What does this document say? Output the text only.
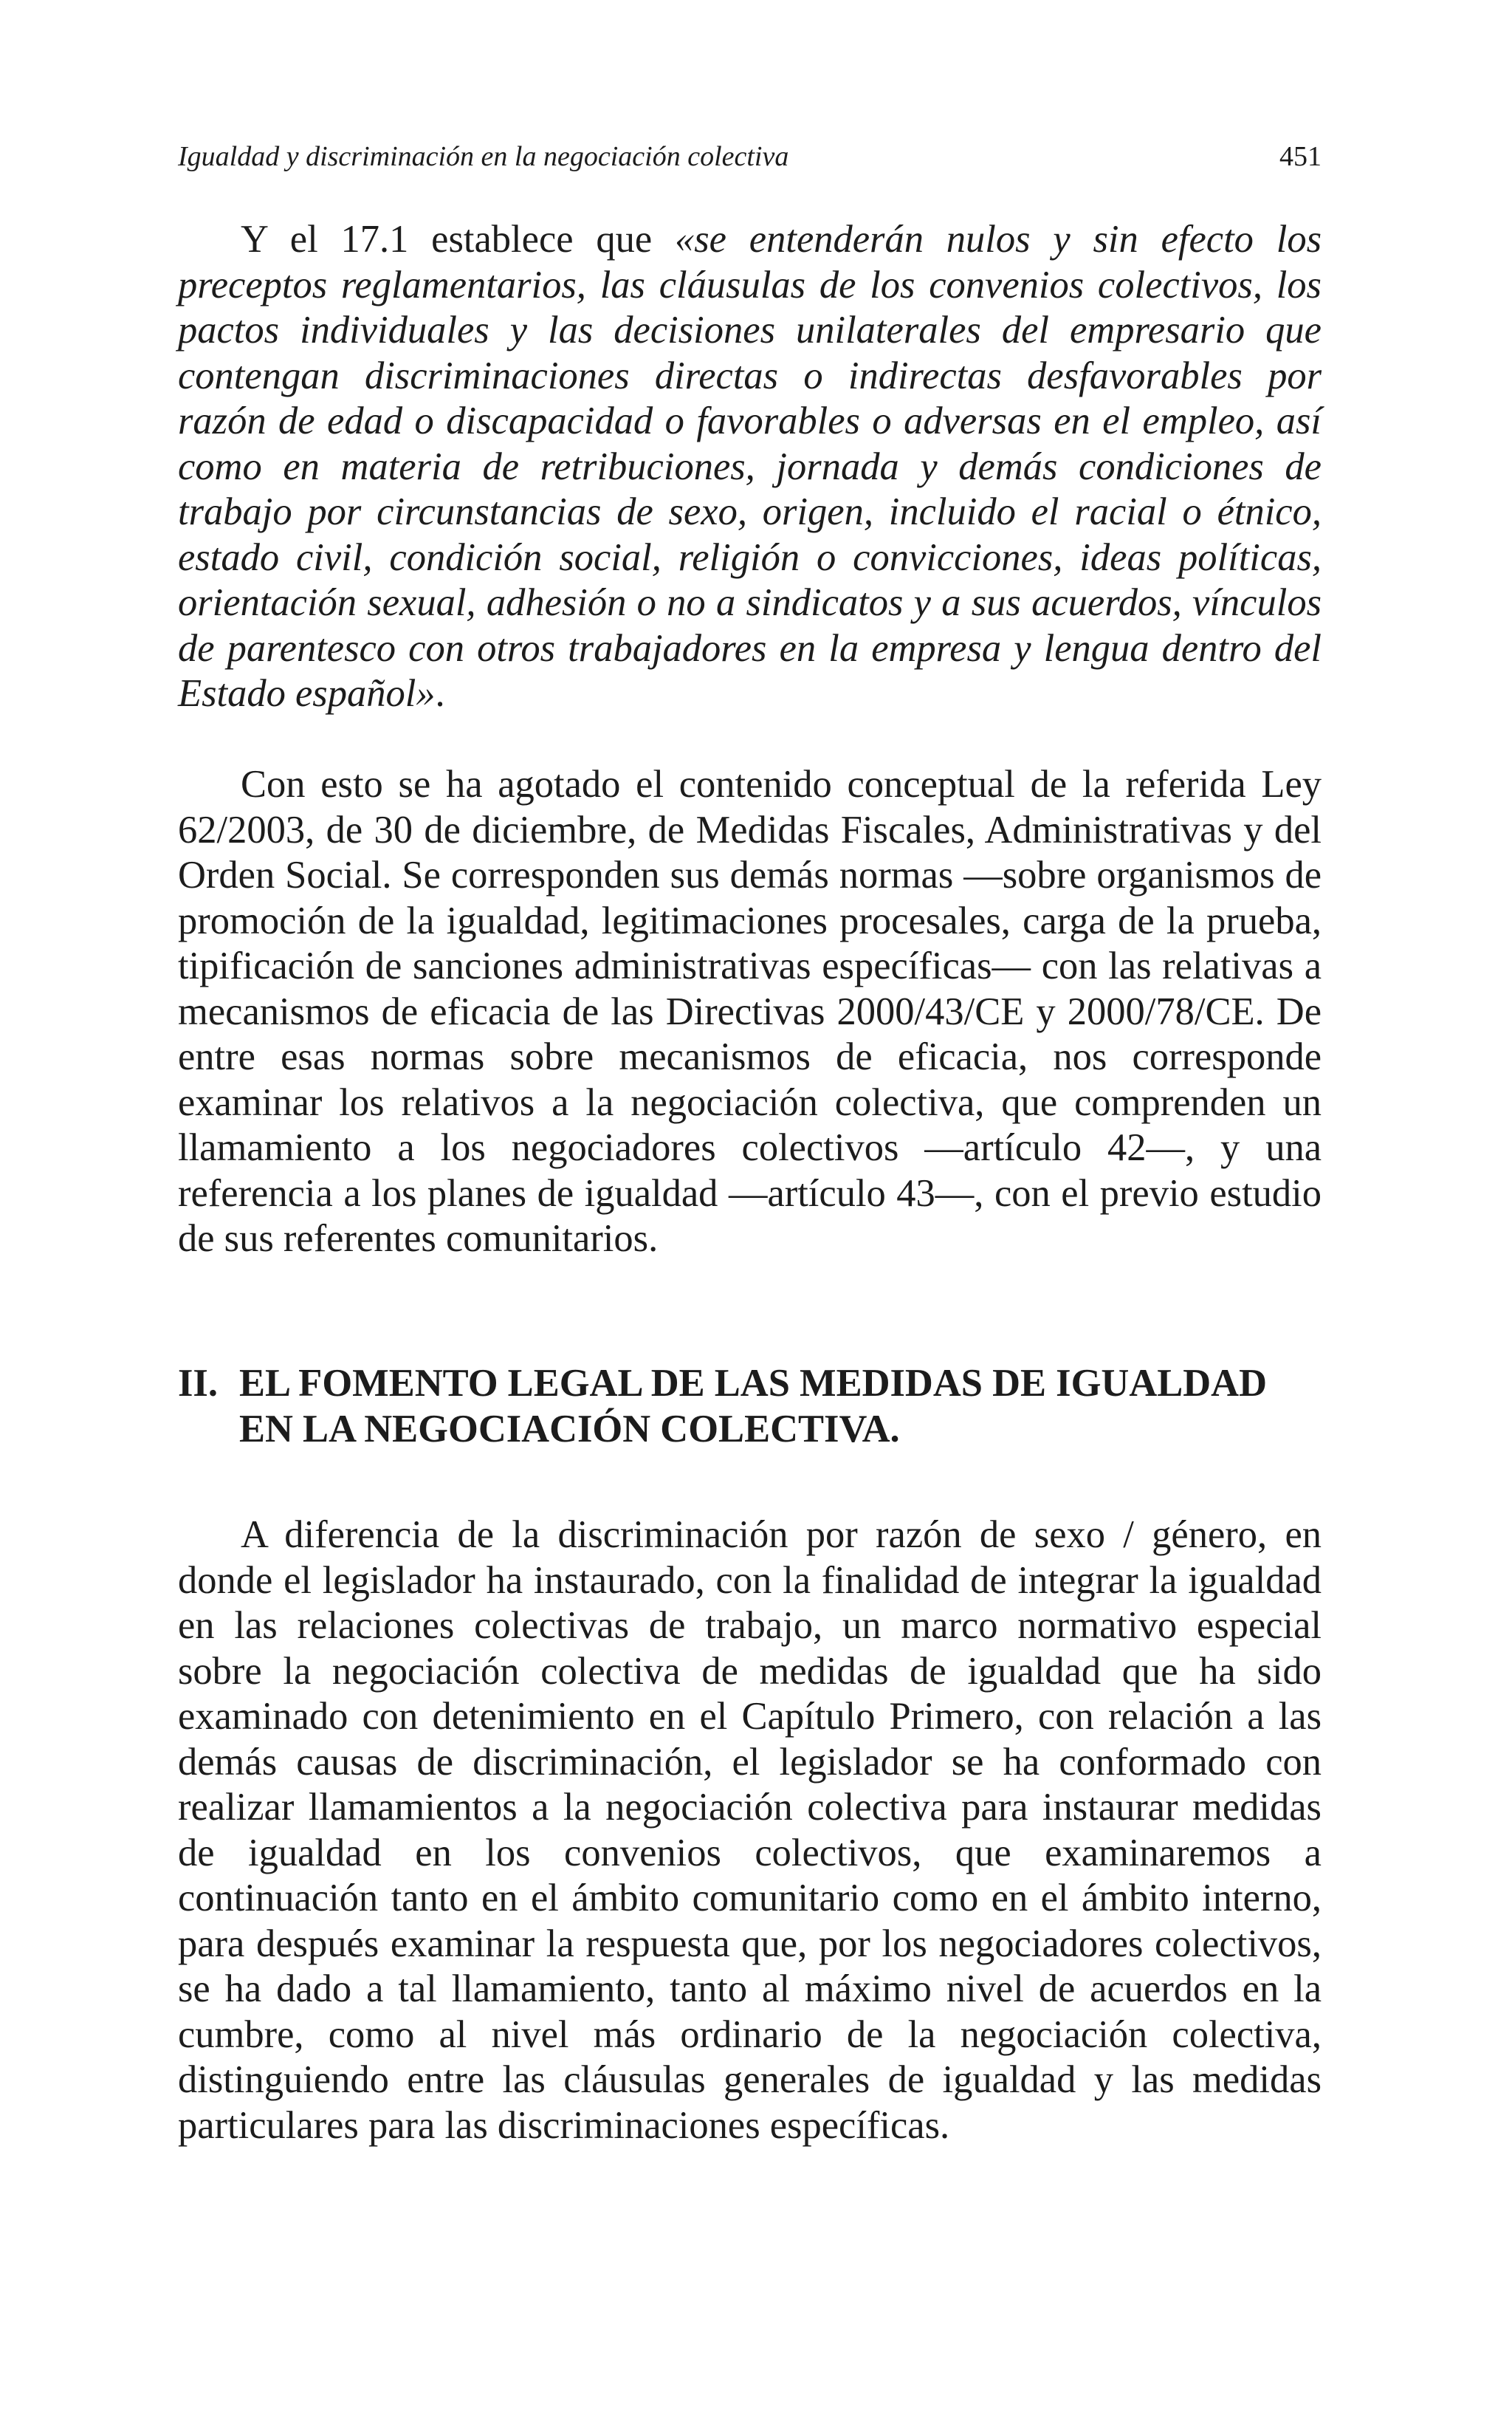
Igualdad y discriminación en la negociación colectiva	451

Y el 17.1 establece que «se entenderán nulos y sin efecto los preceptos reglamentarios, las cláusulas de los convenios colectivos, los pactos individuales y las decisiones unilaterales del empresario que contengan discriminaciones directas o indirectas desfavorables por razón de edad o discapacidad o favorables o adversas en el empleo, así como en materia de retribuciones, jornada y demás condiciones de trabajo por circunstancias de sexo, origen, incluido el racial o étnico, estado civil, condición social, religión o convicciones, ideas políticas, orientación sexual, adhesión o no a sindicatos y a sus acuerdos, vínculos de parentesco con otros trabajadores en la empresa y lengua dentro del Estado español».

Con esto se ha agotado el contenido conceptual de la referida Ley 62/2003, de 30 de diciembre, de Medidas Fiscales, Administrativas y del Orden Social. Se corresponden sus demás normas —sobre organismos de promoción de la igualdad, legitimaciones procesales, carga de la prueba, tipificación de sanciones administrativas específicas— con las relativas a mecanismos de eficacia de las Directivas 2000/43/CE y 2000/78/CE. De entre esas normas sobre mecanismos de eficacia, nos corresponde examinar los relativos a la negociación colectiva, que comprenden un llamamiento a los negociadores colectivos —artículo 42—, y una referencia a los planes de igualdad —artículo 43—, con el previo estudio de sus referentes comunitarios.

II. EL FOMENTO LEGAL DE LAS MEDIDAS DE IGUALDAD
EN LA NEGOCIACIÓN COLECTIVA.

A diferencia de la discriminación por razón de sexo / género, en donde el legislador ha instaurado, con la finalidad de integrar la igualdad en las relaciones colectivas de trabajo, un marco normativo especial sobre la negociación colectiva de medidas de igualdad que ha sido examinado con detenimiento en el Capítulo Primero, con relación a las demás causas de discriminación, el legislador se ha conformado con realizar llamamientos a la negociación colectiva para instaurar medidas de igualdad en los convenios colectivos, que examinaremos a continuación tanto en el ámbito comunitario como en el ámbito interno, para después examinar la respuesta que, por los negociadores colectivos, se ha dado a tal llamamiento, tanto al máximo nivel de acuerdos en la cumbre, como al nivel más ordinario de la negociación colectiva, distinguiendo entre las cláusulas generales de igualdad y las medidas particulares para las discriminaciones específicas.
